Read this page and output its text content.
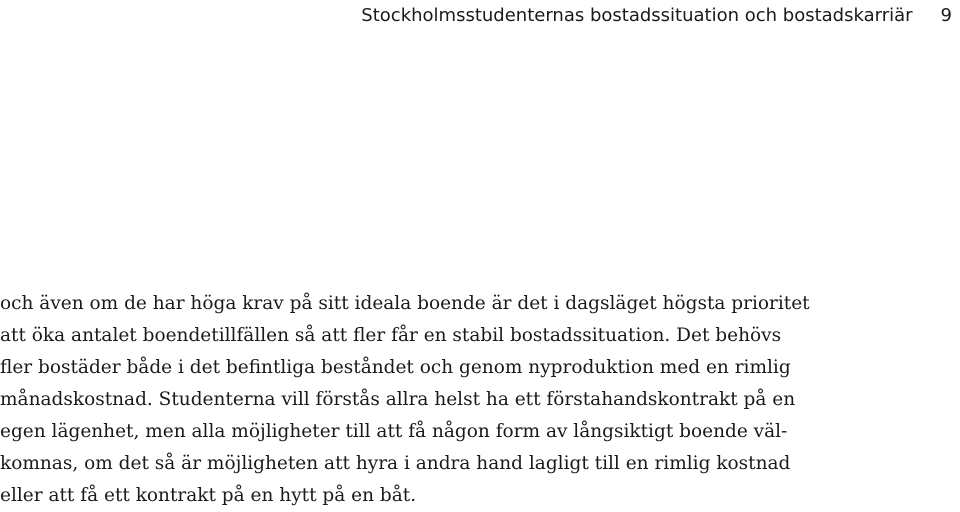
Stockholmsstudenternas bostadssituation och bostadskarriär 9

och även om de har höga krav på sitt ideala boende är det i dagsläget högsta prioritet
att öka antalet boendetillfällen så att fler får en stabil bostadssituation. Det behövs
fler bostäder både i det befintliga beståndet och genom nyproduktion med en rimlig
månadskostnad. Studenterna vill förstås allra helst ha ett förstahandskontrakt på en
egen lägenhet, men alla möjligheter till att få någon form av långsiktigt boende väl-
komnas, om det så är möjligheten att hyra i andra hand lagligt till en rimlig kostnad
eller att få ett kontrakt på en hytt på en båt.
